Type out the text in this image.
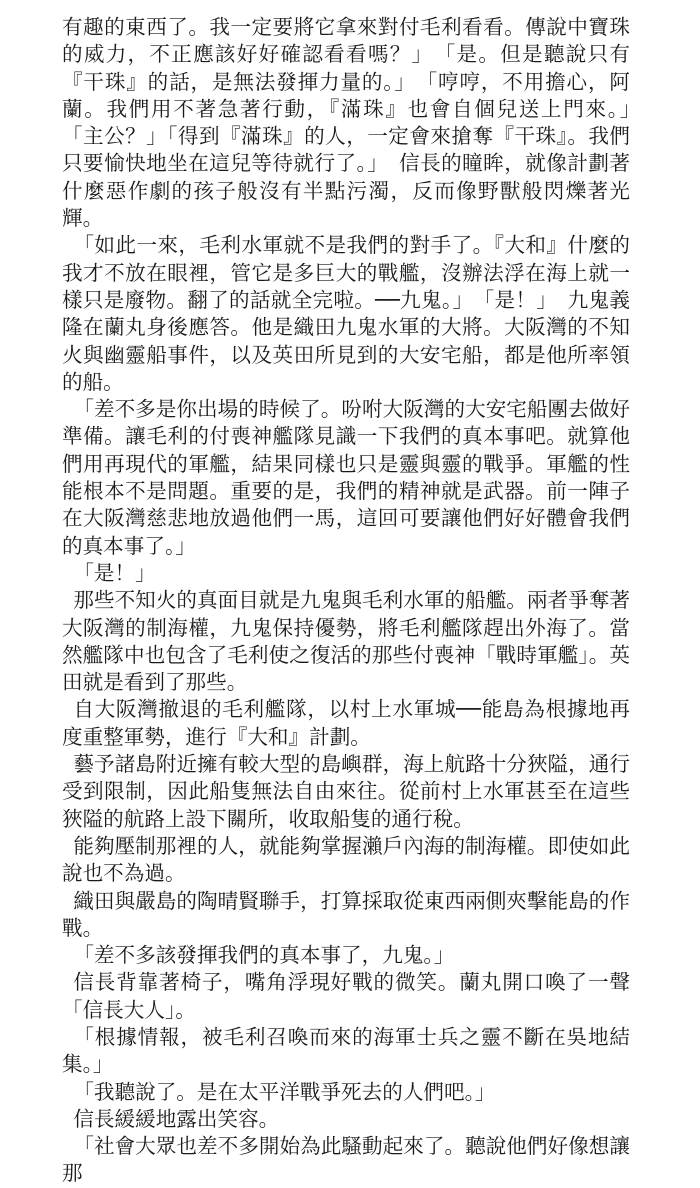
有趣的東西了。我一定要將它拿來對付毛利看看。傳說中寶珠的威力，不正應該好好確認看看嗎？」　「是。但是聽說只有『干珠』的話，是無法發揮力量的。」　「哼哼，不用擔心，阿蘭。我們用不著急著行動，『滿珠』也會自個兒送上門來。」　「主公？」「得到『滿珠』的人，一定會來搶奪『干珠』。我們只要愉快地坐在這兒等待就行了。」　信長的瞳眸，就像計劃著什麼惡作劇的孩子般沒有半點污濁，反而像野獸般閃爍著光輝。

「如此一來，毛利水軍就不是我們的對手了。『大和』什麼的我才不放在眼裡，管它是多巨大的戰艦，沒辦法浮在海上就一樣只是廢物。翻了的話就全完啦。──九鬼。」　「是！」　九鬼義隆在蘭丸身後應答。他是織田九鬼水軍的大將。大阪灣的不知火與幽靈船事件，以及英田所見到的大安宅船，都是他所率領的船。

「差不多是你出場的時候了。吩咐大阪灣的大安宅船團去做好準備。讓毛利的付喪神艦隊見識一下我們的真本事吧。就算他們用再現代的軍艦，結果同樣也只是靈與靈的戰爭。軍艦的性能根本不是問題。重要的是，我們的精神就是武器。前一陣子在大阪灣慈悲地放過他們一馬，這回可要讓他們好好體會我們的真本事了。」

「是！」

那些不知火的真面目就是九鬼與毛利水軍的船艦。兩者爭奪著大阪灣的制海權，九鬼保持優勢，將毛利艦隊趕出外海了。當然艦隊中也包含了毛利使之復活的那些付喪神「戰時軍艦」。英田就是看到了那些。

自大阪灣撤退的毛利艦隊，以村上水軍城──能島為根據地再度重整軍勢，進行『大和』計劃。

藝予諸島附近擁有較大型的島嶼群，海上航路十分狹隘，通行受到限制，因此船隻無法自由來往。從前村上水軍甚至在這些狹隘的航路上設下關所，收取船隻的通行稅。

能夠壓制那裡的人，就能夠掌握瀨戶內海的制海權。即使如此說也不為過。

織田與嚴島的陶晴賢聯手，打算採取從東西兩側夾擊能島的作戰。

「差不多該發揮我們的真本事了，九鬼。」

信長背靠著椅子，嘴角浮現好戰的微笑。蘭丸開口喚了一聲「信長大人」。

「根據情報，被毛利召喚而來的海軍士兵之靈不斷在吳地結集。」

「我聽說了。是在太平洋戰爭死去的人們吧。」

信長緩緩地露出笑容。

「社會大眾也差不多開始為此騷動起來了。聽說他們好像想讓那
